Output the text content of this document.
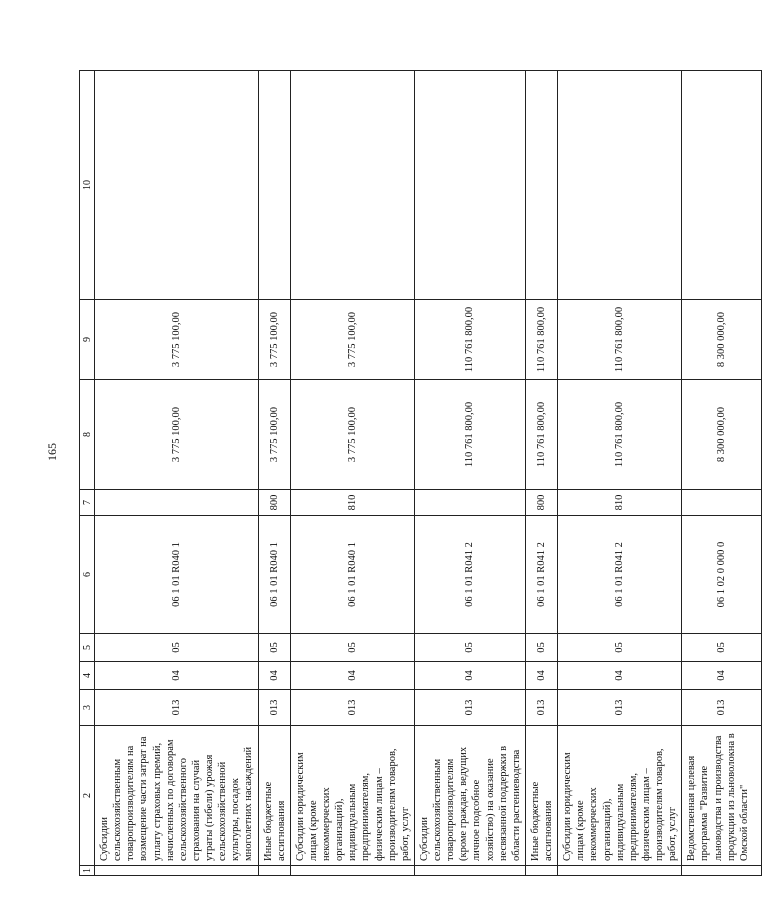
165
1	2	3	4	5	6	7	8	9	10
	Субсидии сельскохозяйственным товаропроизводителям на возмещение части затрат на уплату страховых премий, начисленных по договорам сельскохозяйственного страхования на случай утраты (гибели) урожая сельскохозяйственной культуры, посадок многолетних насаждений	013	04	05	06 1 01 R040 1		3 775 100,00	3 775 100,00	
	Иные бюджетные ассигнования	013	04	05	06 1 01 R040 1	800	3 775 100,00	3 775 100,00	
	Субсидии юридическим лицам (кроме некоммерческих организаций), индивидуальным предпринимателям, физическим лицам – производителям товаров, работ, услуг	013	04	05	06 1 01 R040 1	810	3 775 100,00	3 775 100,00	
	Субсидии сельскохозяйственным товаропроизводителям (кроме граждан, ведущих личное подсобное хозяйство) на оказание несвязанной поддержки в области растениеводства	013	04	05	06 1 01 R041 2		110 761 800,00	110 761 800,00	
	Иные бюджетные ассигнования	013	04	05	06 1 01 R041 2	800	110 761 800,00	110 761 800,00	
	Субсидии юридическим лицам (кроме некоммерческих организаций), индивидуальным предпринимателям, физическим лицам – производителям товаров, работ, услуг	013	04	05	06 1 01 R041 2	810	110 761 800,00	110 761 800,00	
	Ведомственная целевая программа "Развитие льноводства и производства продукции из льноволокна в Омской области"	013	04	05	06 1 02 0 000 0		8 300 000,00	8 300 000,00	
